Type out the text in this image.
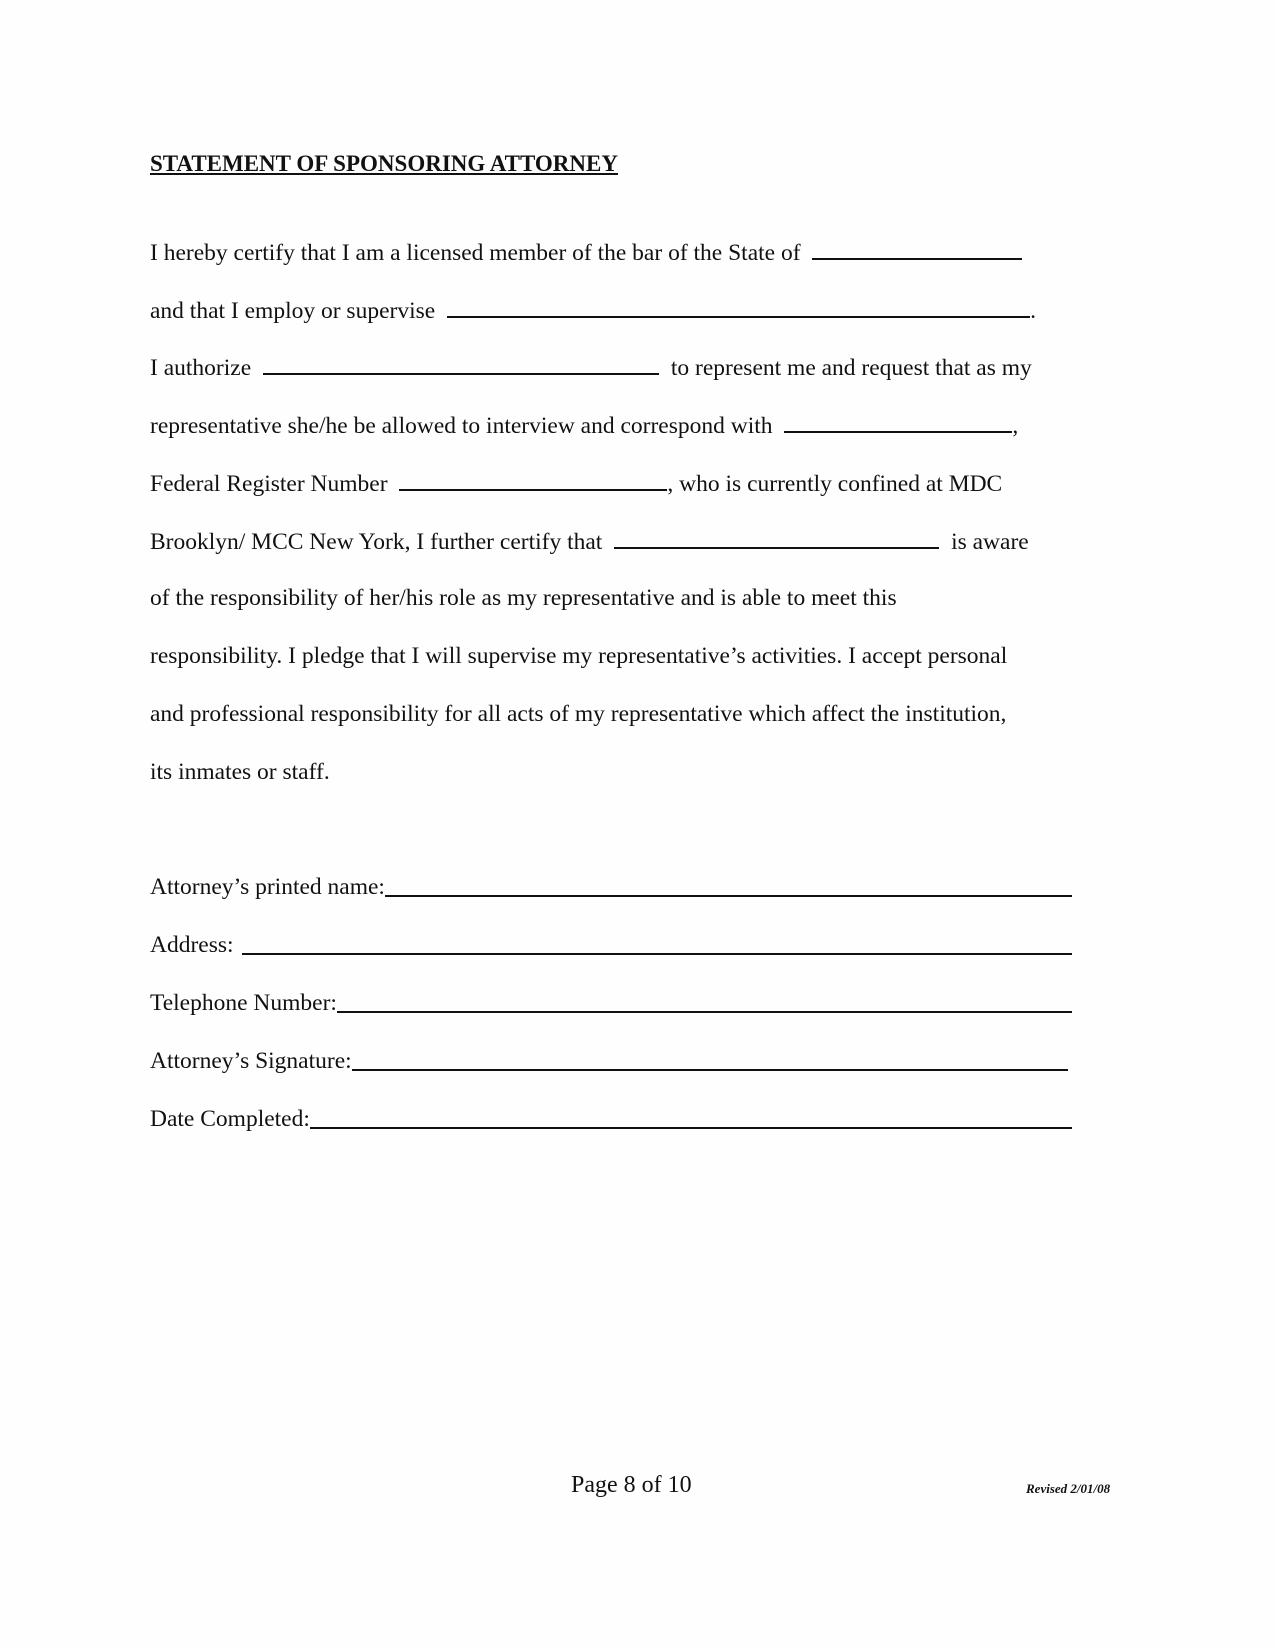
STATEMENT OF SPONSORING ATTORNEY
I hereby certify that I am a licensed member of the bar of the State of
and that I employ or supervise	.
I authorize	to represent me and request that as my
representative she/he be allowed to interview and correspond with	,
Federal Register Number	, who is currently confined at MDC
Brooklyn/ MCC New York, I further certify that	is aware
of the responsibility of her/his role as my representative and is able to meet this
responsibility. I pledge that I will supervise my representative’s activities. I accept personal
and professional responsibility for all acts of my representative which affect the institution,
its inmates or staff.
Attorney’s printed name:
Address:
Telephone Number:
Attorney’s Signature:
Date Completed:
Page 8 of 10	Revised 2/01/08
